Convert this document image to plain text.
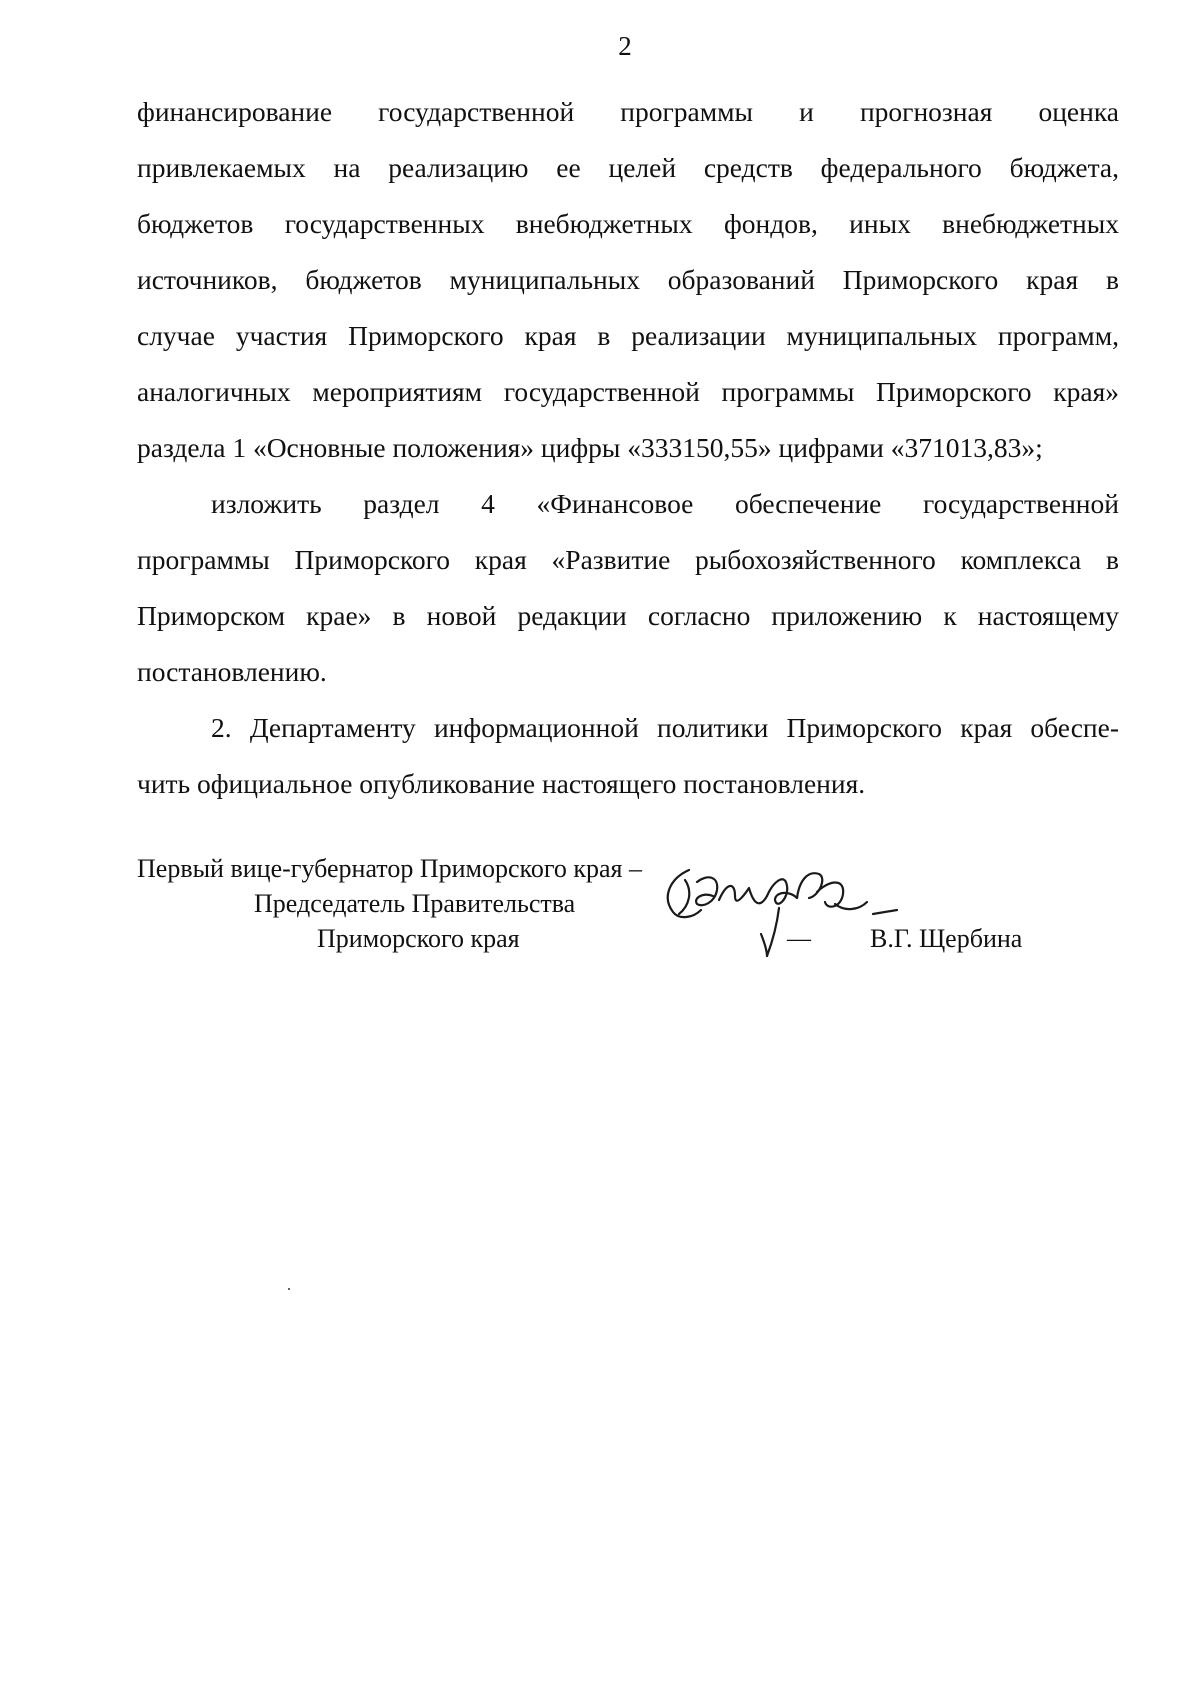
2
финансирование государственной программы и прогнозная оценка
привлекаемых на реализацию ее целей средств федерального бюджета,
бюджетов государственных внебюджетных фондов, иных внебюджетных
источников, бюджетов муниципальных образований Приморского края в
случае участия Приморского края в реализации муниципальных программ,
аналогичных мероприятиям государственной программы Приморского края»
раздела 1 «Основные положения» цифры «333150,55» цифрами «371013,83»;
изложить раздел 4 «Финансовое обеспечение государственной
программы Приморского края «Развитие рыбохозяйственного комплекса в
Приморском крае» в новой редакции согласно приложению к настоящему
постановлению.
2. Департаменту информационной политики Приморского края обеспе-
чить официальное опубликование настоящего постановления.
Первый вице-губернатор Приморского края –
Председатель Правительства
Приморского края	— В.Г. Щербина
